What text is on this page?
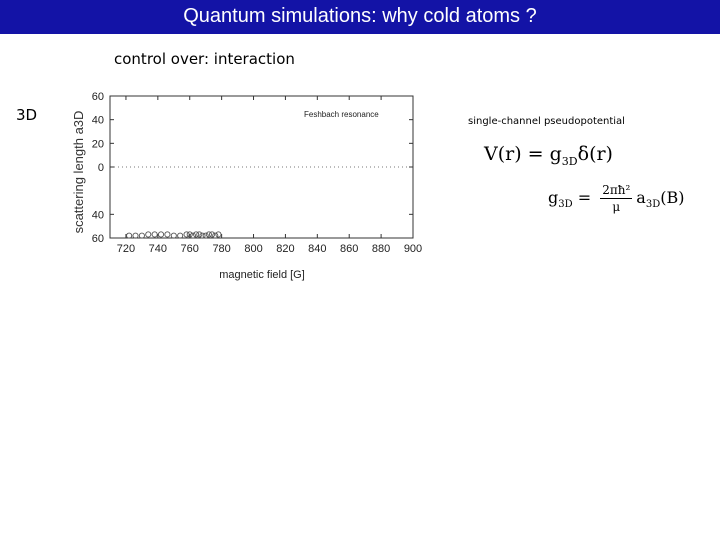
Quantum simulations: why cold atoms ?
control over: interaction
3D
720 740 760 780 800 820 840 860 880 900
60
40
20
0
40
60
magnetic field [G]
scattering length a3D	Feshbach resonance
single-channel pseudopotential
$V(r) = g_{3D}\delta(r)$
$g_{3D} = \frac{\text{2πħ²}}{\mu} a_{3D}(B)$
